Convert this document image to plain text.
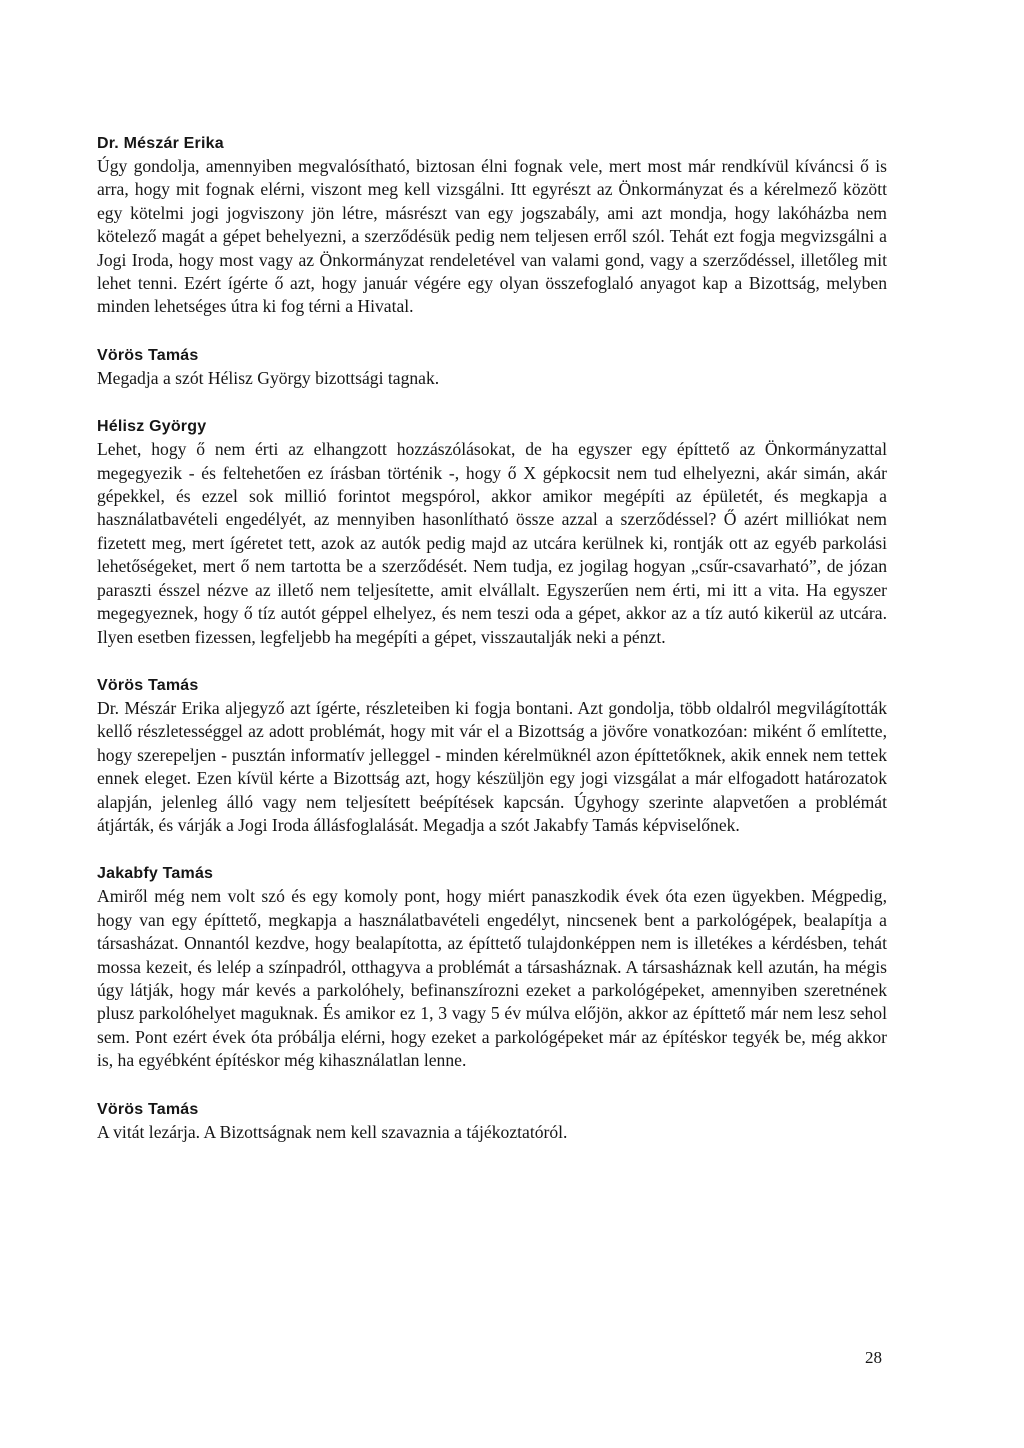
Dr. Mészár Erika

Úgy gondolja, amennyiben megvalósítható, biztosan élni fognak vele, mert most már rendkívül kíváncsi ő is arra, hogy mit fognak elérni, viszont meg kell vizsgálni. Itt egyrészt az Önkormányzat és a kérelmező között egy kötelmi jogi jogviszony jön létre, másrészt van egy jogszabály, ami azt mondja, hogy lakóházba nem kötelező magát a gépet behelyezni, a szerződésük pedig nem teljesen erről szól. Tehát ezt fogja megvizsgálni a Jogi Iroda, hogy most vagy az Önkormányzat rendeletével van valami gond, vagy a szerződéssel, illetőleg mit lehet tenni. Ezért ígérte ő azt, hogy január végére egy olyan összefoglaló anyagot kap a Bizottság, melyben minden lehetséges útra ki fog térni a Hivatal.

Vörös Tamás

Megadja a szót Hélisz György bizottsági tagnak.

Hélisz György

Lehet, hogy ő nem érti az elhangzott hozzászólásokat, de ha egyszer egy építtető az Önkormányzattal megegyezik - és feltehetően ez írásban történik -, hogy ő X gépkocsit nem tud elhelyezni, akár simán, akár gépekkel, és ezzel sok millió forintot megspórol, akkor amikor megépíti az épületét, és megkapja a használatbavételi engedélyét, az mennyiben hasonlítható össze azzal a szerződéssel? Ő azért milliókat nem fizetett meg, mert ígéretet tett, azok az autók pedig majd az utcára kerülnek ki, rontják ott az egyéb parkolási lehetőségeket, mert ő nem tartotta be a szerződését. Nem tudja, ez jogilag hogyan „csűr-csavarható”, de józan paraszti ésszel nézve az illető nem teljesítette, amit elvállalt. Egyszerűen nem érti, mi itt a vita. Ha egyszer megegyeznek, hogy ő tíz autót géppel elhelyez, és nem teszi oda a gépet, akkor az a tíz autó kikerül az utcára. Ilyen esetben fizessen, legfeljebb ha megépíti a gépet, visszautalják neki a pénzt.

Vörös Tamás

Dr. Mészár Erika aljegyző azt ígérte, részleteiben ki fogja bontani. Azt gondolja, több oldalról megvilágították kellő részletességgel az adott problémát, hogy mit vár el a Bizottság a jövőre vonatkozóan: miként ő említette, hogy szerepeljen - pusztán informatív jelleggel - minden kérelmüknél azon építtetőknek, akik ennek nem tettek ennek eleget. Ezen kívül kérte a Bizottság azt, hogy készüljön egy jogi vizsgálat a már elfogadott határozatok alapján, jelenleg álló vagy nem teljesített beépítések kapcsán. Úgyhogy szerinte alapvetően a problémát átjárták, és várják a Jogi Iroda állásfoglalását. Megadja a szót Jakabfy Tamás képviselőnek.

Jakabfy Tamás

Amiről még nem volt szó és egy komoly pont, hogy miért panaszkodik évek óta ezen ügyekben. Mégpedig, hogy van egy építtető, megkapja a használatbavételi engedélyt, nincsenek bent a parkológépek, bealapítja a társasházat. Onnantól kezdve, hogy bealapította, az építtető tulajdonképpen nem is illetékes a kérdésben, tehát mossa kezeit, és lelép a színpadról, otthagyva a problémát a társasháznak. A társasháznak kell azután, ha mégis úgy látják, hogy már kevés a parkolóhely, befinanszírozni ezeket a parkológépeket, amennyiben szeretnének plusz parkolóhelyet maguknak. És amikor ez 1, 3 vagy 5 év múlva előjön, akkor az építtető már nem lesz sehol sem. Pont ezért évek óta próbálja elérni, hogy ezeket a parkológépeket már az építéskor tegyék be, még akkor is, ha egyébként építéskor még kihasználatlan lenne.

Vörös Tamás

A vitát lezárja. A Bizottságnak nem kell szavaznia a tájékoztatóról.

28
